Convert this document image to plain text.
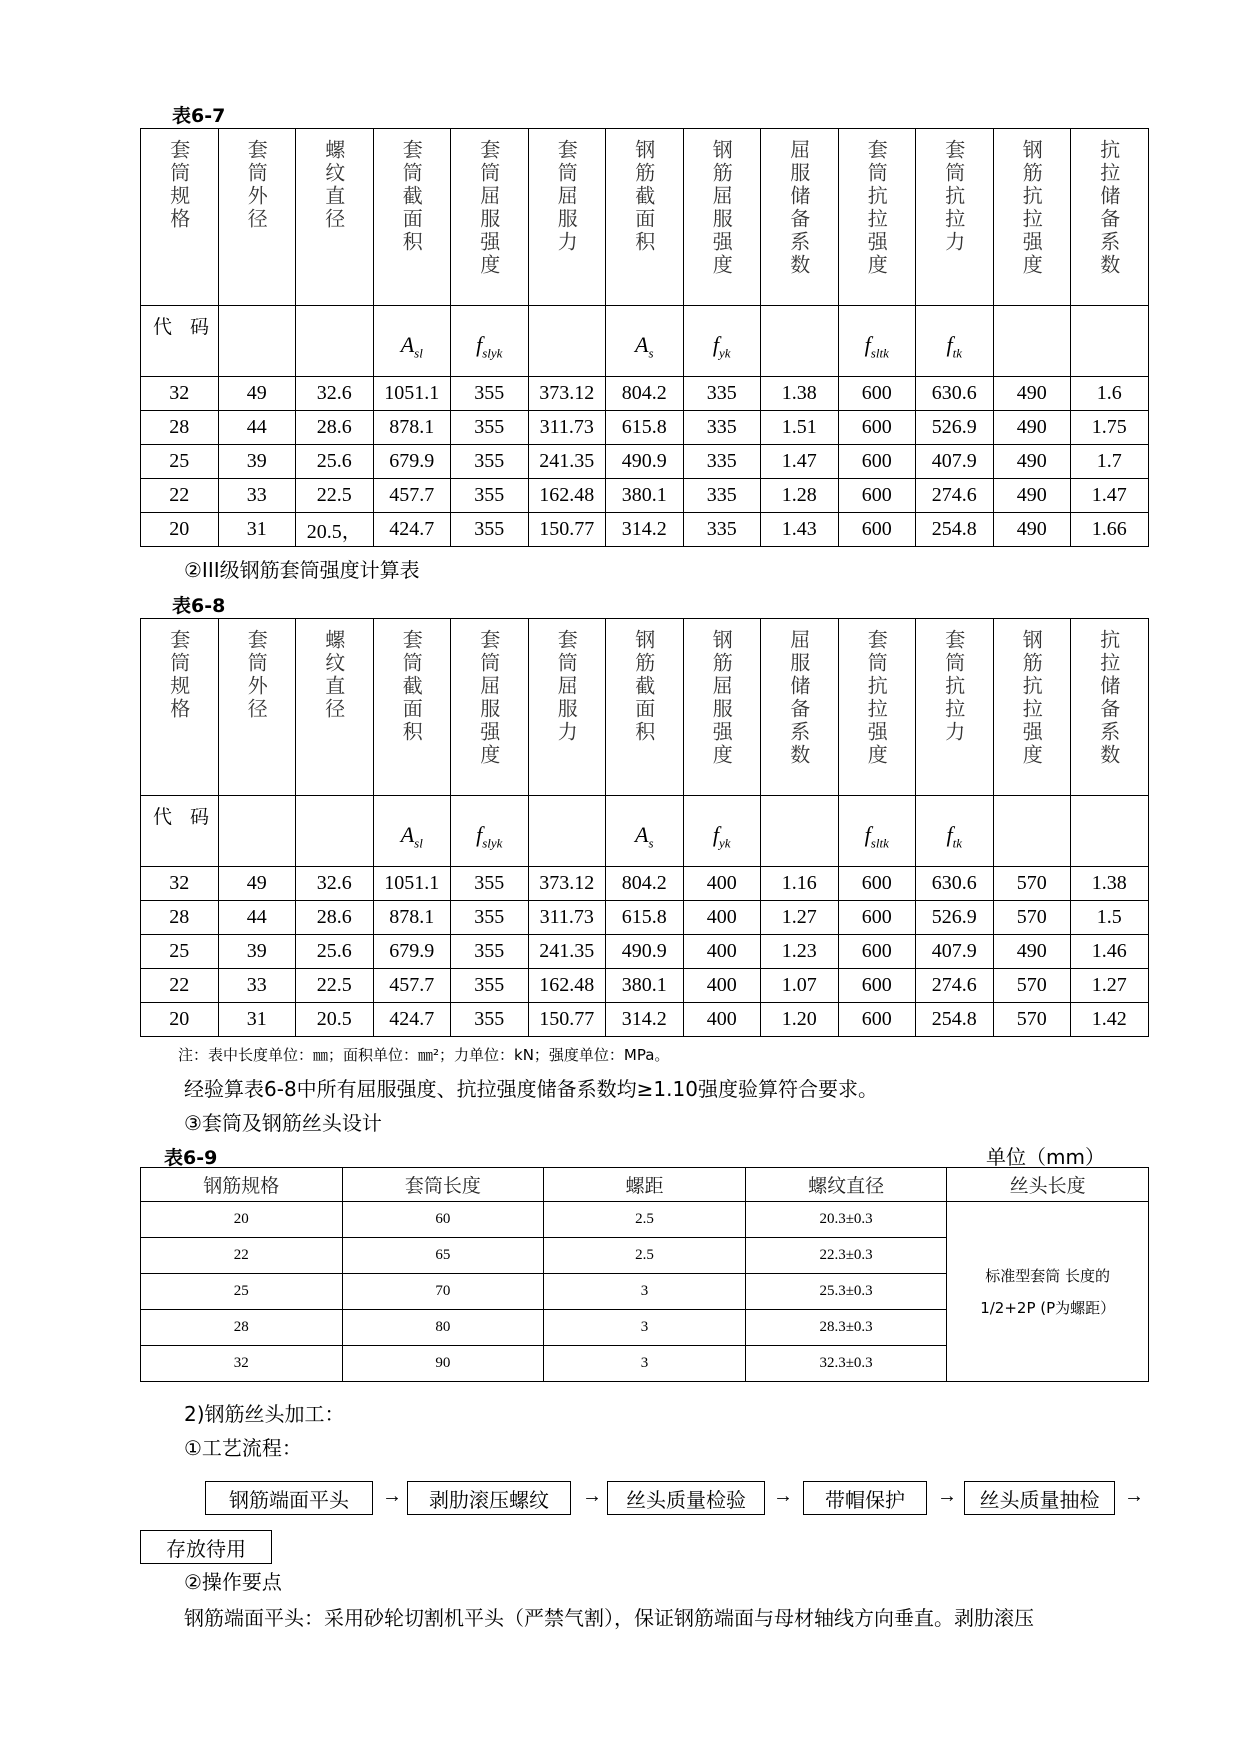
表6-7
套筒规格	套筒外径	螺纹直径	套筒截面积	套筒屈服强度	套筒屈服力	钢筋截面积	钢筋屈服强度	屈服储备系数	套筒抗拉强度	套筒抗拉力	钢筋抗拉强度	抗拉储备系数
代 码			$A_{sl}$	$f_{slyk}$		$A_s$	$f_{yk}$		$f_{sltk}$	$f_{tk}$		
32	49	32.6	1051.1	355	373.12	804.2	335	1.38	600	630.6	490	1.6
28	44	28.6	878.1	355	311.73	615.8	335	1.51	600	526.9	490	1.75
25	39	25.6	679.9	355	241.35	490.9	335	1.47	600	407.9	490	1.7
22	33	22.5	457.7	355	162.48	380.1	335	1.28	600	274.6	490	1.47
20	31	20.5，	424.7	355	150.77	314.2	335	1.43	600	254.8	490	1.66
②III级钢筋套筒强度计算表
表6-8
套筒规格	套筒外径	螺纹直径	套筒截面积	套筒屈服强度	套筒屈服力	钢筋截面积	钢筋屈服强度	屈服储备系数	套筒抗拉强度	套筒抗拉力	钢筋抗拉强度	抗拉储备系数
代 码			$A_{sl}$	$f_{slyk}$		$A_s$	$f_{yk}$		$f_{sltk}$	$f_{tk}$		
32	49	32.6	1051.1	355	373.12	804.2	400	1.16	600	630.6	570	1.38
28	44	28.6	878.1	355	311.73	615.8	400	1.27	600	526.9	570	1.5
25	39	25.6	679.9	355	241.35	490.9	400	1.23	600	407.9	490	1.46
22	33	22.5	457.7	355	162.48	380.1	400	1.07	600	274.6	570	1.27
20	31	20.5	424.7	355	150.77	314.2	400	1.20	600	254.8	570	1.42
注：表中长度单位：㎜；面积单位：㎜²；力单位：kN；强度单位：MPa。
经验算表6-8中所有屈服强度、抗拉强度储备系数均≥1.10强度验算符合要求。
③套筒及钢筋丝头设计
表6-9	单位（mm）
钢筋规格	套筒长度	螺距	螺纹直径	丝头长度
20	60	2.5	20.3±0.3	标准型套筒 长度的
1/2+2P (P为螺距）

22	65	2.5	22.3±0.3	
25	70	3	25.3±0.3	
28	80	3	28.3±0.3	
32	90	3	32.3±0.3	
2)钢筋丝头加工：
①工艺流程：
钢筋端面平头	→	剥肋滚压螺纹	→	丝头质量检验	→	带帽保护	→	丝头质量抽检	→
存放待用
②操作要点
钢筋端面平头：采用砂轮切割机平头（严禁气割），保证钢筋端面与母材轴线方向垂直。剥肋滚压
